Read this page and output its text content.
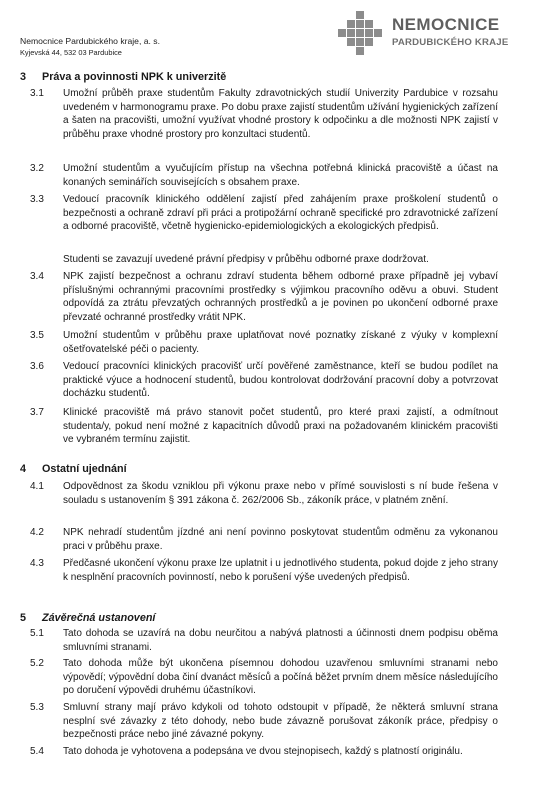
Nemocnice Pardubického kraje, a. s.
Kyjevská 44, 532 03 Pardubice
NEMOCNICE
PARDUBICKÉHO KRAJE
3 Práva a povinnosti NPK k univerzitě
3.1	Umožní průběh praxe studentům Fakulty zdravotnických studií Univerzity Pardubice v rozsahu uvedeném v harmonogramu praxe. Po dobu praxe zajistí studentům užívání hygienických zařízení a šaten na pracovišti, umožní využívat vhodné prostory k odpočinku a dle možnosti NPK zajistí v průběhu praxe vhodné prostory pro konzultaci studentů.
3.2	Umožní studentům a vyučujícím přístup na všechna potřebná klinická pracoviště a účast na konaných seminářích souvisejících s obsahem praxe.
3.3	Vedoucí pracovník klinického oddělení zajistí před zahájením praxe proškolení studentů o bezpečnosti a ochraně zdraví při práci a protipožární ochraně specifické pro zdravotnické zařízení a odborné pracoviště, včetně hygienicko-epidemiologických a ekologických předpisů.
Studenti se zavazují uvedené právní předpisy v průběhu odborné praxe dodržovat.
3.4	NPK zajistí bezpečnost a ochranu zdraví studenta během odborné praxe případně jej vybaví příslušnými ochrannými pracovními prostředky s výjimkou pracovního oděvu a obuvi. Student odpovídá za ztrátu převzatých ochranných prostředků a je povinen po ukončení odborné praxe převzaté ochranné prostředky vrátit NPK.
3.5	Umožní studentům v průběhu praxe uplatňovat nové poznatky získané z výuky v komplexní ošetřovatelské péči o pacienty.
3.6	Vedoucí pracovníci klinických pracovišť určí pověřené zaměstnance, kteří se budou podílet na praktické výuce a hodnocení studentů, budou kontrolovat dodržování pracovní doby a potvrzovat docházku studentů.
3.7	Klinické pracoviště má právo stanovit počet studentů, pro které praxi zajistí, a odmítnout studenta/y, pokud není možné z kapacitních důvodů praxi na požadovaném klinickém pracovišti ve vybraném termínu zajistit.
4 Ostatní ujednání
4.1	Odpovědnost za škodu vzniklou při výkonu praxe nebo v přímé souvislosti s ní bude řešena v souladu s ustanovením § 391 zákona č. 262/2006 Sb., zákoník práce, v platném znění.
4.2	NPK nehradí studentům jízdné ani není povinno poskytovat studentům odměnu za vykonanou praci v průběhu praxe.
4.3	Předčasné ukončení výkonu praxe lze uplatnit i u jednotlivého studenta, pokud dojde z jeho strany k nesplnění pracovních povinností, nebo k porušení výše uvedených předpisů.
5 Závěrečná ustanovení
5.1	Tato dohoda se uzavírá na dobu neurčitou a nabývá platnosti a účinnosti dnem podpisu oběma smluvními stranami.
5.2	Tato dohoda může být ukončena písemnou dohodou uzavřenou smluvními stranami nebo výpovědí; výpovědní doba činí dvanáct měsíců a počíná běžet prvním dnem měsíce následujícího po doručení výpovědi druhému účastníkovi.
5.3	Smluvní strany mají právo kdykoli od tohoto odstoupit v případě, že některá smluvní strana nesplní své závazky z této dohody, nebo bude závazně porušovat zákoník práce, předpisy o bezpečnosti práce nebo jiné závazné pokyny.
5.4	Tato dohoda je vyhotovena a podepsána ve dvou stejnopisech, každý s platností originálu.
